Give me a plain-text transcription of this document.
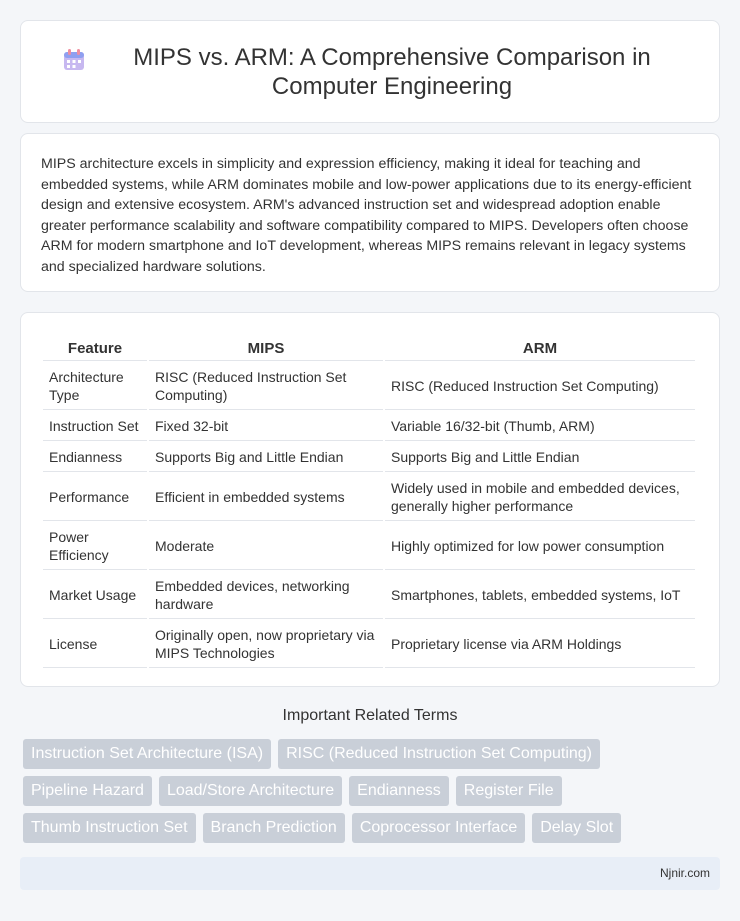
MIPS vs. ARM: A Comprehensive Comparison in Computer Engineering

MIPS architecture excels in simplicity and expression efficiency, making it ideal for teaching and embedded systems, while ARM dominates mobile and low-power applications due to its energy-efficient design and extensive ecosystem. ARM's advanced instruction set and widespread adoption enable greater performance scalability and software compatibility compared to MIPS. Developers often choose ARM for modern smartphone and IoT development, whereas MIPS remains relevant in legacy systems and specialized hardware solutions.

Feature	MIPS	ARM
Architecture Type	RISC (Reduced Instruction Set Computing)	RISC (Reduced Instruction Set Computing)
Instruction Set	Fixed 32-bit	Variable 16/32-bit (Thumb, ARM)
Endianness	Supports Big and Little Endian	Supports Big and Little Endian
Performance	Efficient in embedded systems	Widely used in mobile and embedded devices, generally higher performance
Power Efficiency	Moderate	Highly optimized for low power consumption
Market Usage	Embedded devices, networking hardware	Smartphones, tablets, embedded systems, IoT
License	Originally open, now proprietary via MIPS Technologies	Proprietary license via ARM Holdings
Important Related Terms
Instruction Set Architecture (ISA)	RISC (Reduced Instruction Set Computing)
Pipeline Hazard	Load/Store Architecture	Endianness	Register File
Thumb Instruction Set	Branch Prediction	Coprocessor Interface	Delay Slot
Njnir.com
